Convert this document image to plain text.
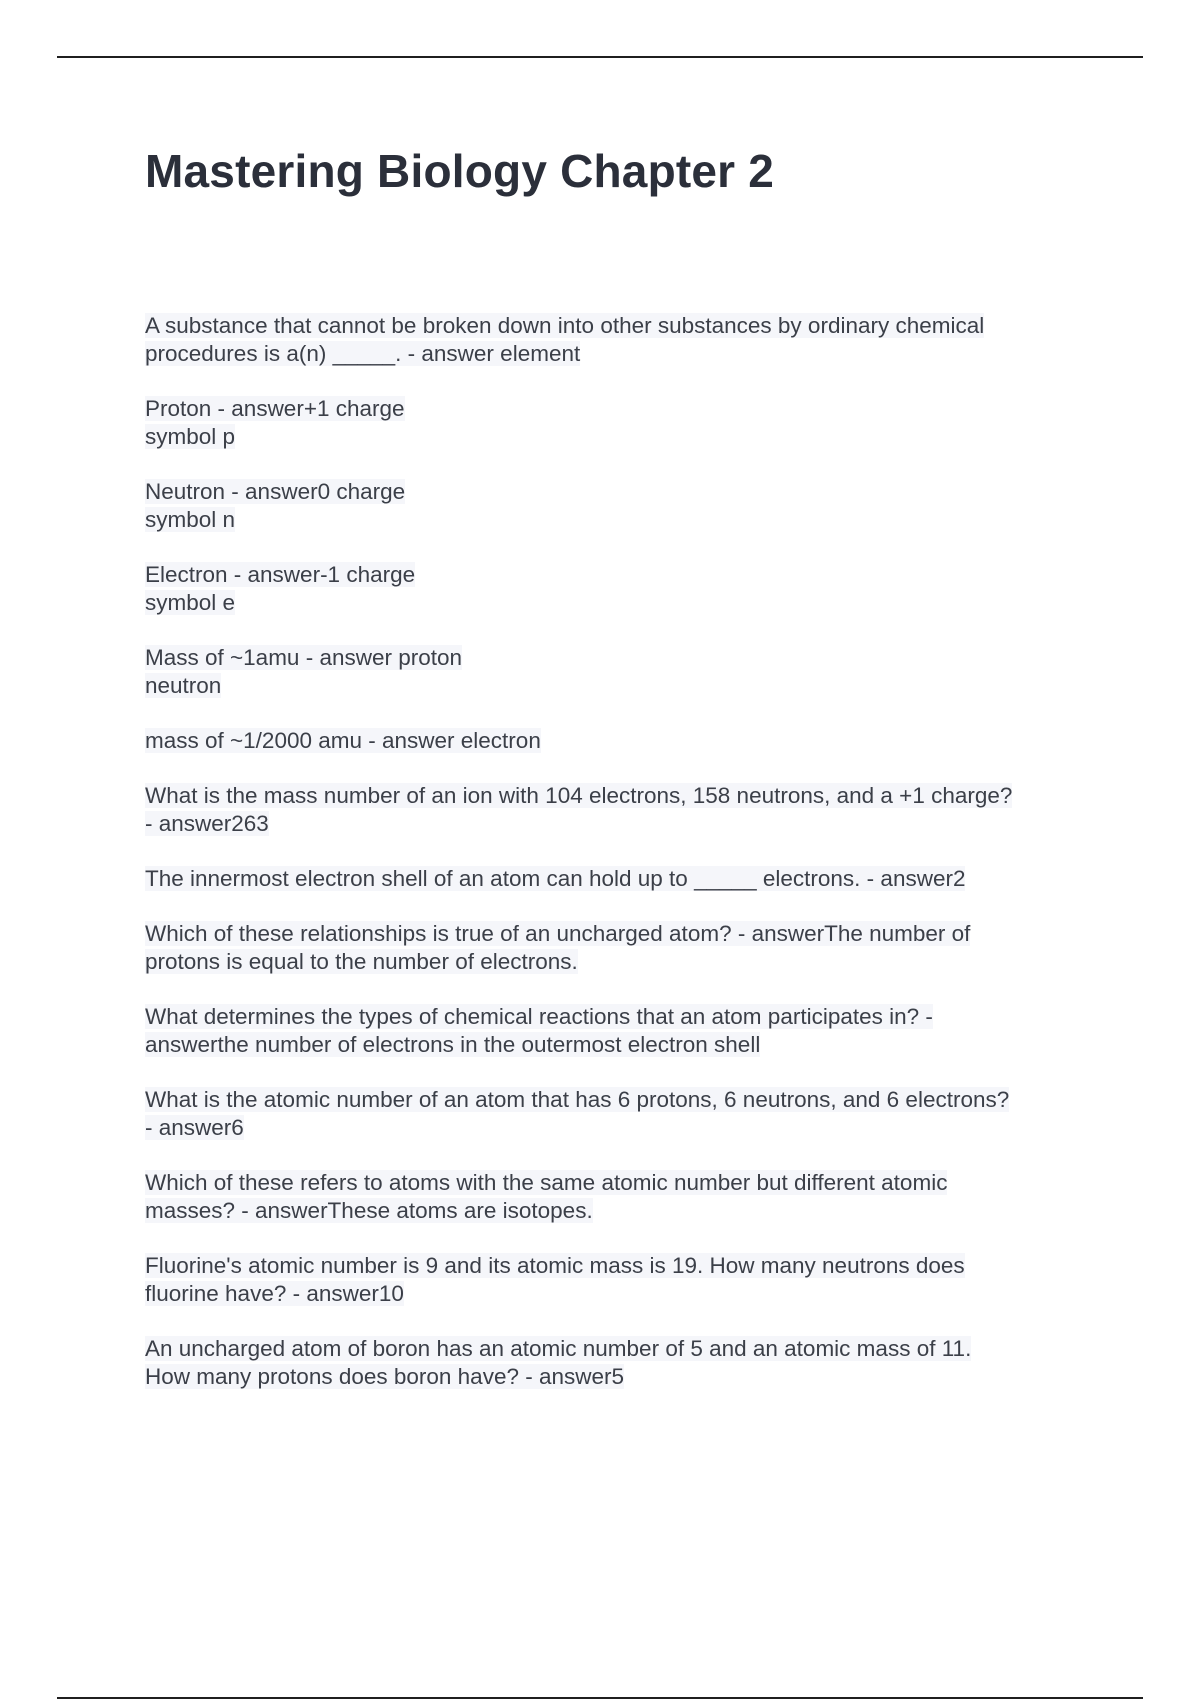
Mastering Biology Chapter 2
A substance that cannot be broken down into other substances by ordinary chemical
procedures is a(n) _____. - answer element
Proton - answer+1 charge
symbol p
Neutron - answer0 charge
symbol n
Electron - answer-1 charge
symbol e
Mass of ~1amu - answer proton
neutron
mass of ~1/2000 amu - answer electron
What is the mass number of an ion with 104 electrons, 158 neutrons, and a +1 charge?
- answer263
The innermost electron shell of an atom can hold up to _____ electrons. - answer2
Which of these relationships is true of an uncharged atom? - answerThe number of
protons is equal to the number of electrons.
What determines the types of chemical reactions that an atom participates in? -
answerthe number of electrons in the outermost electron shell
What is the atomic number of an atom that has 6 protons, 6 neutrons, and 6 electrons?
- answer6
Which of these refers to atoms with the same atomic number but different atomic
masses? - answerThese atoms are isotopes.
Fluorine's atomic number is 9 and its atomic mass is 19. How many neutrons does
fluorine have? - answer10
An uncharged atom of boron has an atomic number of 5 and an atomic mass of 11.
How many protons does boron have? - answer5
